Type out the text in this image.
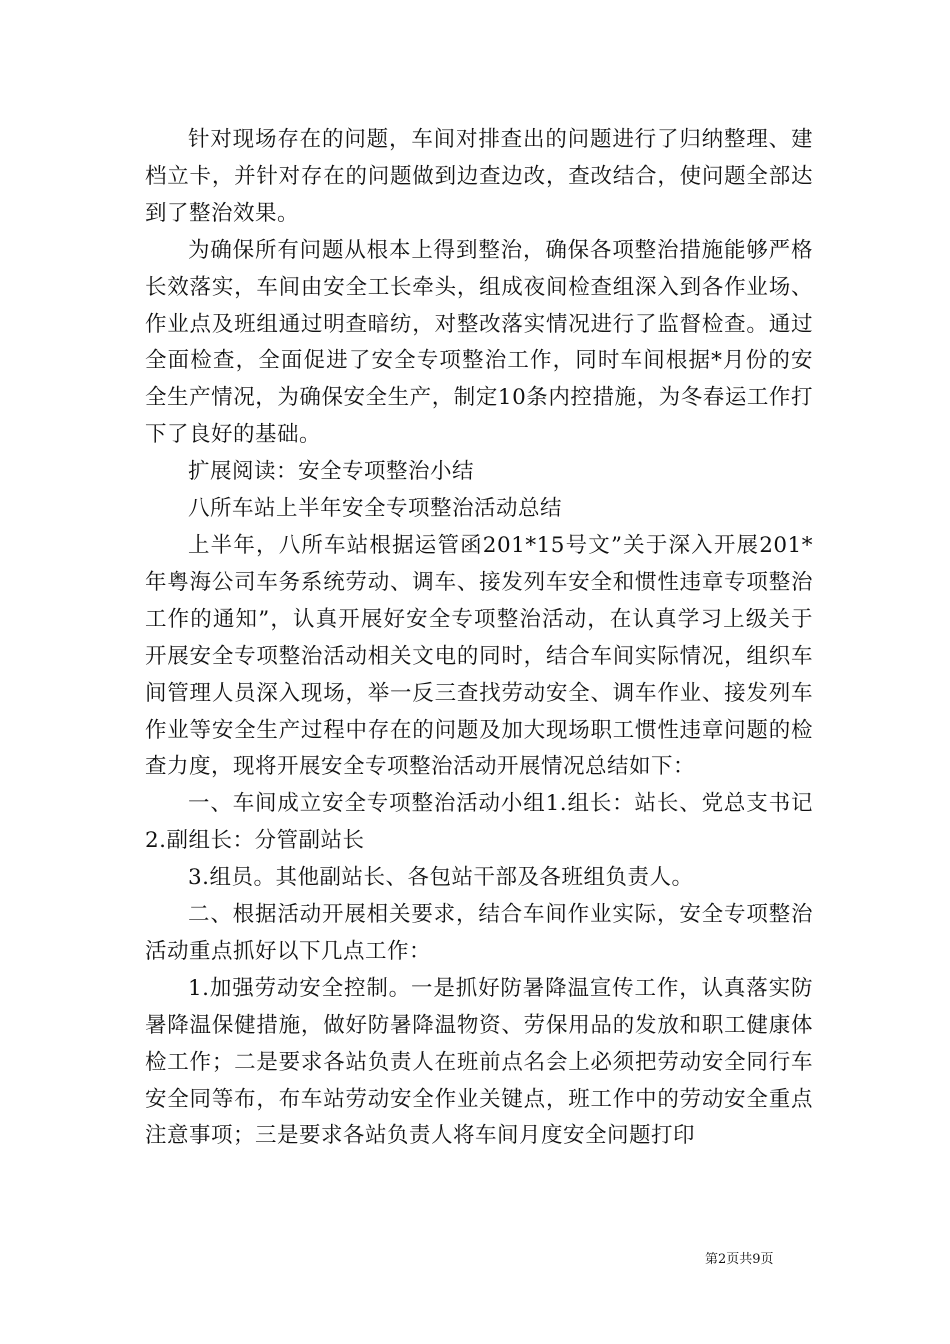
针对现场存在的问题，车间对排查出的问题进行了归纳整理、建档立卡，并针对存在的问题做到边查边改，查改结合，使问题全部达到了整治效果。

为确保所有问题从根本上得到整治，确保各项整治措施能够严格长效落实，车间由安全工长牵头，组成夜间检查组深入到各作业场、作业点及班组通过明查暗纺，对整改落实情况进行了监督检查。通过全面检查，全面促进了安全专项整治工作，同时车间根据*月份的安全生产情况，为确保安全生产，制定10条内控措施，为冬春运工作打下了良好的基础。

扩展阅读：安全专项整治小结

八所车站上半年安全专项整治活动总结

上半年，八所车站根据运管函201*15号文”关于深入开展201*年粤海公司车务系统劳动、调车、接发列车安全和惯性违章专项整治工作的通知”，认真开展好安全专项整治活动，在认真学习上级关于开展安全专项整治活动相关文电的同时，结合车间实际情况，组织车间管理人员深入现场，举一反三查找劳动安全、调车作业、接发列车作业等安全生产过程中存在的问题及加大现场职工惯性违章问题的检查力度，现将开展安全专项整治活动开展情况总结如下：

一、车间成立安全专项整治活动小组1.组长：站长、党总支书记2.副组长：分管副站长

3.组员。其他副站长、各包站干部及各班组负责人。

二、根据活动开展相关要求，结合车间作业实际，安全专项整治活动重点抓好以下几点工作：

1.加强劳动安全控制。一是抓好防暑降温宣传工作，认真落实防暑降温保健措施，做好防暑降温物资、劳保用品的发放和职工健康体检工作；二是要求各站负责人在班前点名会上必须把劳动安全同行车安全同等布，布车站劳动安全作业关键点，班工作中的劳动安全重点注意事项；三是要求各站负责人将车间月度安全问题打印

第2页共9页
